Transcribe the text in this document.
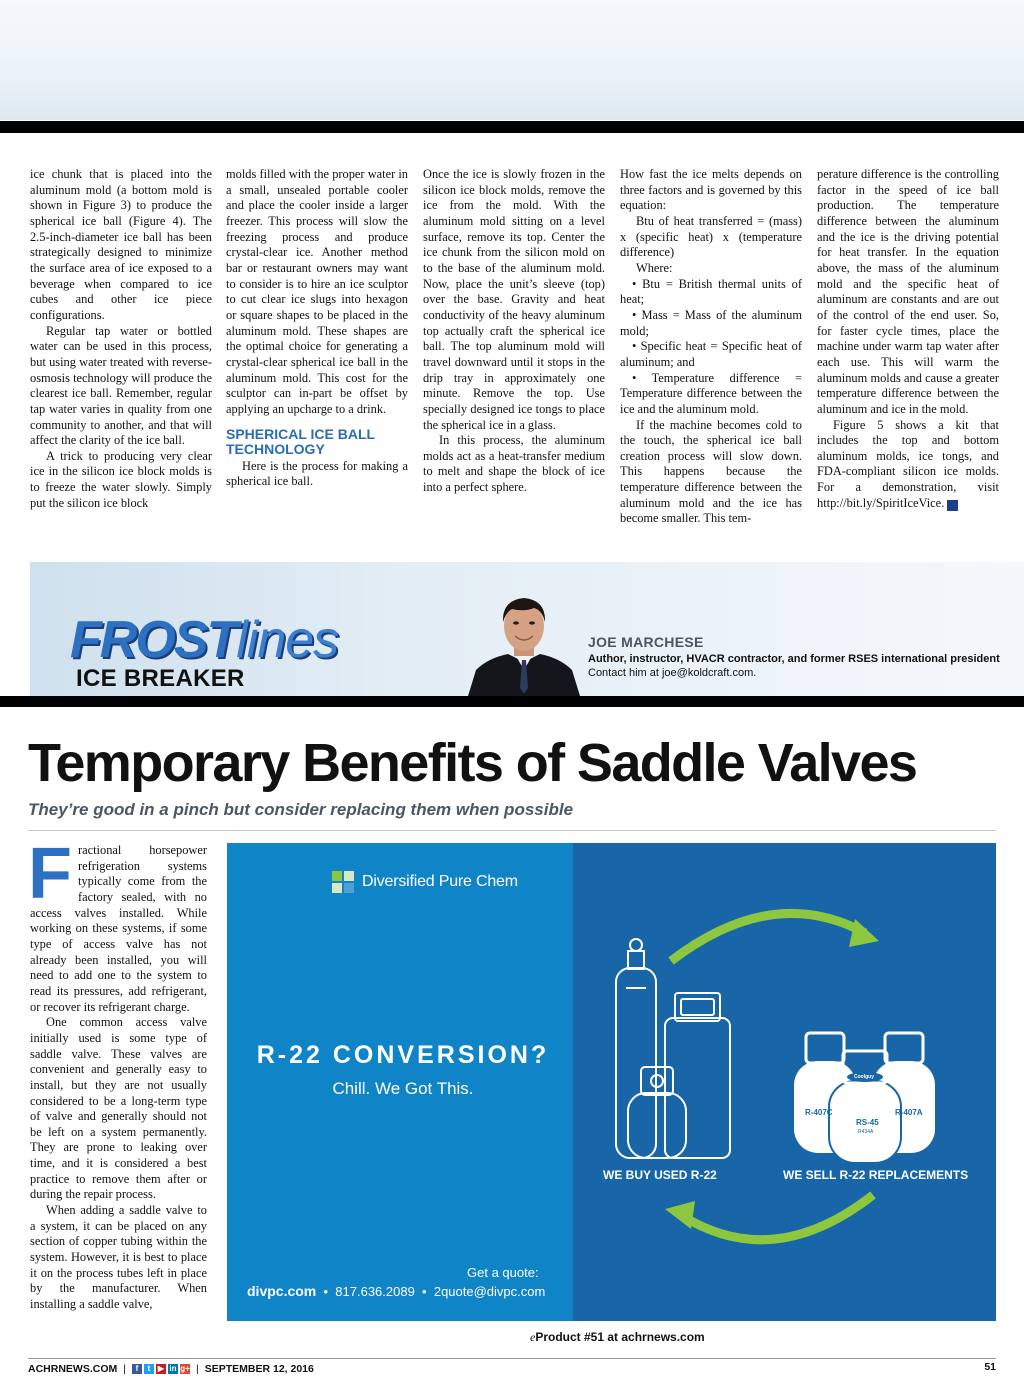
ice chunk that is placed into the aluminum mold (a bottom mold is shown in Figure 3) to produce the spherical ice ball (Figure 4). The 2.5-inch-diameter ice ball has been strategically designed to minimize the surface area of ice exposed to a beverage when compared to ice cubes and other ice piece configurations.

Regular tap water or bottled water can be used in this process, but using water treated with reverse-osmosis technology will produce the clearest ice ball. Remember, regular tap water varies in quality from one community to another, and that will affect the clarity of the ice ball.

A trick to producing very clear ice in the silicon ice block molds is to freeze the water slowly. Simply put the silicon ice block

molds filled with the proper water in a small, unsealed portable cooler and place the cooler inside a larger freezer. This process will slow the freezing process and produce crystal-clear ice. Another method bar or restaurant owners may want to consider is to hire an ice sculptor to cut clear ice slugs into hexagon or square shapes to be placed in the aluminum mold. These shapes are the optimal choice for generating a crystal-clear spherical ice ball in the aluminum mold. This cost for the sculptor can in-part be offset by applying an upcharge to a drink.

SPHERICAL ICE BALL TECHNOLOGY

Here is the process for making a spherical ice ball.

Once the ice is slowly frozen in the silicon ice block molds, remove the ice from the mold. With the aluminum mold sitting on a level surface, remove its top. Center the ice chunk from the silicon mold on to the base of the aluminum mold. Now, place the unit’s sleeve (top) over the base. Gravity and heat conductivity of the heavy aluminum top actually craft the spherical ice ball. The top aluminum mold will travel downward until it stops in the drip tray in approximately one minute. Remove the top. Use specially designed ice tongs to place the spherical ice in a glass.

In this process, the aluminum molds act as a heat-transfer medium to melt and shape the block of ice into a perfect sphere.

How fast the ice melts depends on three factors and is governed by this equation:

Btu of heat transferred = (mass) x (specific heat) x (temperature difference)

Where:

• Btu = British thermal units of heat;

• Mass = Mass of the aluminum mold;

• Specific heat = Specific heat of aluminum; and

• Temperature difference = Temperature difference between the ice and the aluminum mold.

If the machine becomes cold to the touch, the spherical ice ball creation process will slow down. This happens because the temperature difference between the aluminum mold and the ice has become smaller. This tem-

perature difference is the controlling factor in the speed of ice ball production. The temperature difference between the aluminum and the ice is the driving potential for heat transfer. In the equation above, the mass of the aluminum mold and the specific heat of aluminum are constants and are out of the control of the end user. So, for faster cycle times, place the machine under warm tap water after each use. This will warm the aluminum molds and cause a greater temperature difference between the aluminum and ice in the mold.

Figure 5 shows a kit that includes the top and bottom aluminum molds, ice tongs, and FDA-compliant silicon ice molds. For a demonstration, visit http://bit.ly/SpiritIceVice. N

FROSTlines
ICE BREAKER
JOE MARCHESE
Author, instructor, HVACR contractor, and former RSES international president
Contact him at joe@koldcraft.com.
Temporary Benefits of Saddle Valves
They’re good in a pinch but consider replacing them when possible

Fractional horsepower refrigeration systems typically come from the factory sealed, with no access valves installed. While working on these systems, if some type of access valve has not already been installed, you will need to add one to the system to read its pressures, add refrigerant, or recover its refrigerant charge.

One common access valve initially used is some type of saddle valve. These valves are convenient and generally easy to install, but they are not usually considered to be a long-term type of valve and generally should not be left on a system permanently. They are prone to leaking over time, and it is considered a best practice to remove them after or during the repair process.

When adding a saddle valve to a system, it can be placed on any section of copper tubing within the system. However, it is best to place it on the process tubes left in place by the manufacturer. When installing a saddle valve,

Diversified Pure Chem
R-22 CONVERSION?
Chill. We Got This.
R-407C	R-407A
Coolguy
RS-45
R434A
WE BUY USED R-22	WE SELL R-22 REPLACEMENTS
Get a quote:
divpc.com • 817.636.2089 • 2quote@divpc.com
eProduct #51 at achrnews.com
ACHRNEWS.COM |	f	t ▶ in g+ | SEPTEMBER 12, 2016	51
